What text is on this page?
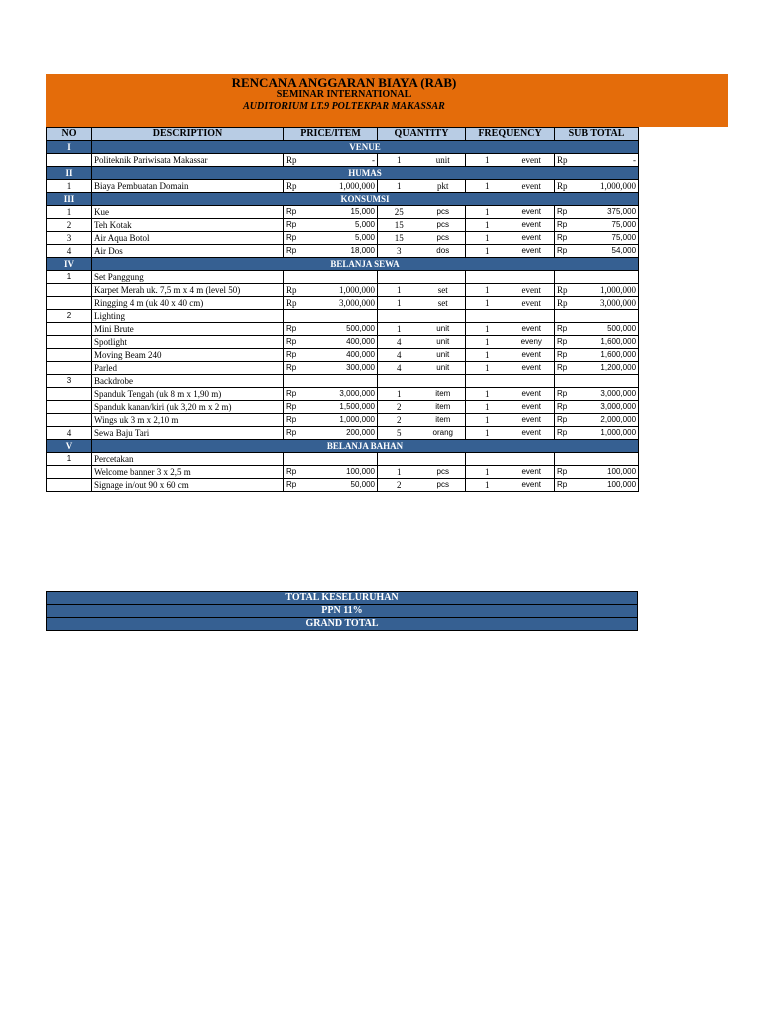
RENCANA ANGGARAN BIAYA (RAB)
SEMINAR INTERNATIONAL
AUDITORIUM LT.9 POLTEKPAR MAKASSAR
NO	DESCRIPTION	PRICE/ITEM		QUANTITY		FREQUENCY		SUB TOTAL	
I	VENUE								
	Politeknik Pariwisata Makassar	Rp	-	1	unit	1	event	Rp	-
II	HUMAS								
1	Biaya Pembuatan Domain	Rp	1,000,000	1	pkt	1	event	Rp	1,000,000
III	KONSUMSI								
1	Kue	Rp	15,000	25	pcs	1	event	Rp	375,000
2	Teh Kotak	Rp	5,000	15	pcs	1	event	Rp	75,000
3	Air Aqua Botol	Rp	5,000	15	pcs	1	event	Rp	75,000
4	Air Dos	Rp	18,000	3	dos	1	event	Rp	54,000
IV	BELANJA SEWA								
1	Set Panggung								
	Karpet Merah uk. 7,5 m x 4 m (level 50)	Rp	1,000,000	1	set	1	event	Rp	1,000,000
	Ringging 4 m (uk 40 x 40 cm)	Rp	3,000,000	1	set	1	event	Rp	3,000,000
2	Lighting								
	Mini Brute	Rp	500,000	1	unit	1	event	Rp	500,000
	Spotlight	Rp	400,000	4	unit	1	eveny	Rp	1,600,000
	Moving Beam 240	Rp	400,000	4	unit	1	event	Rp	1,600,000
	Parled	Rp	300,000	4	unit	1	event	Rp	1,200,000
3	Backdrobe								
	Spanduk Tengah (uk 8 m x 1,90 m)	Rp	3,000,000	1	item	1	event	Rp	3,000,000
	Spanduk kanan/kiri (uk 3,20 m x 2 m)	Rp	1,500,000	2	item	1	event	Rp	3,000,000
	Wings uk 3 m x 2,10 m	Rp	1,000,000	2	item	1	event	Rp	2,000,000
4	Sewa Baju Tari	Rp	200,000	5	orang	1	event	Rp	1,000,000
V	BELANJA BAHAN								
1	Percetakan								
	Welcome banner 3 x 2,5 m	Rp	100,000	1	pcs	1	event	Rp	100,000
	Signage in/out 90 x 60 cm	Rp	50,000	2	pcs	1	event	Rp	100,000
TOTAL KESELURUHAN
PPN 11%
GRAND TOTAL
